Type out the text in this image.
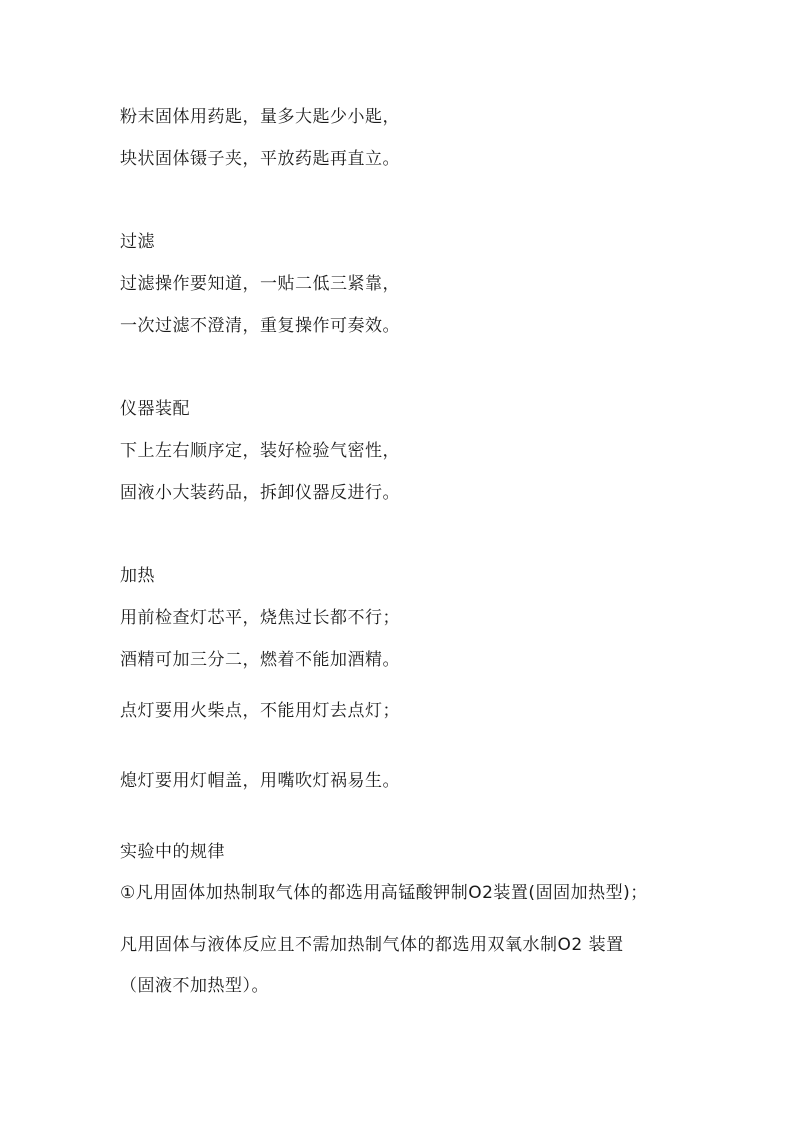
粉末固体用药匙，量多大匙少小匙，
块状固体镊子夹，平放药匙再直立。
过滤
过滤操作要知道，一贴二低三紧靠，
一次过滤不澄清，重复操作可奏效。
仪器装配
下上左右顺序定，装好检验气密性，
固液小大装药品，拆卸仪器反进行。
加热
用前检查灯芯平，烧焦过长都不行；
酒精可加三分二，燃着不能加酒精。
点灯要用火柴点，不能用灯去点灯；
熄灯要用灯帽盖，用嘴吹灯祸易生。
实验中的规律
①凡用固体加热制取气体的都选用高锰酸钾制O2装置(固固加热型)；
凡用固体与液体反应且不需加热制气体的都选用双氧水制O2 装置
（固液不加热型）。
